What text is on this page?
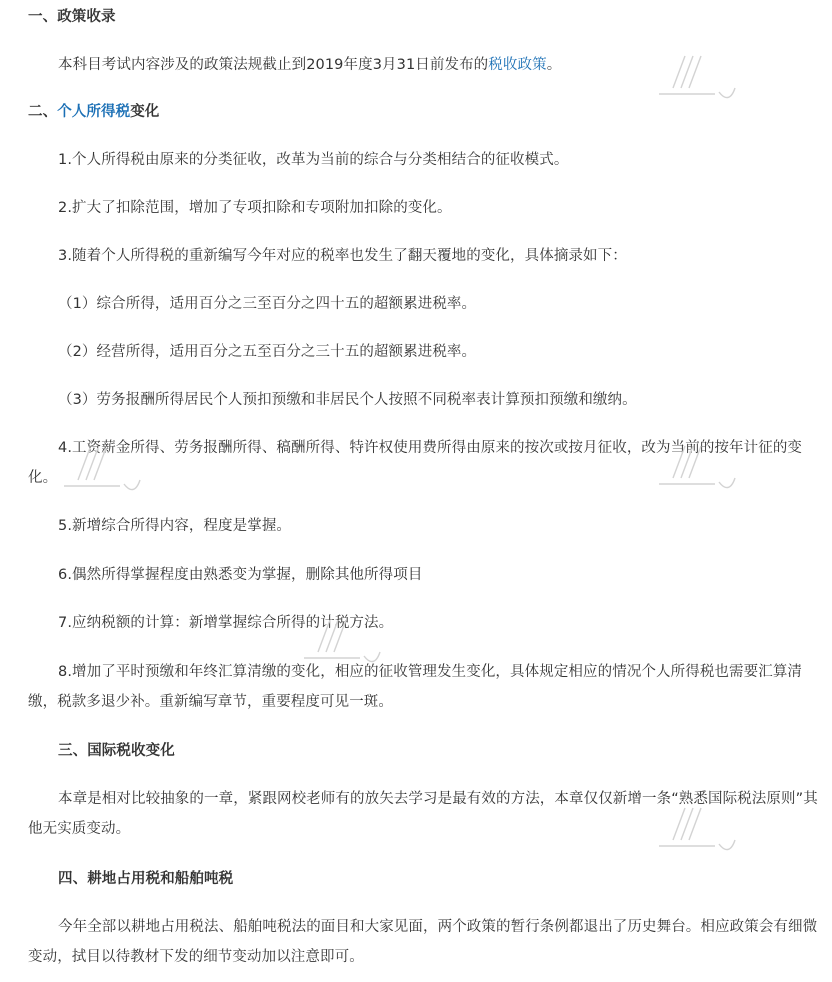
一、政策收录
本科目考试内容涉及的政策法规截止到2019年度3月31日前发布的税收政策。
二、个人所得税变化
1.个人所得税由原来的分类征收，改革为当前的综合与分类相结合的征收模式。
2.扩大了扣除范围，增加了专项扣除和专项附加扣除的变化。
3.随着个人所得税的重新编写今年对应的税率也发生了翻天覆地的变化，具体摘录如下：
（1）综合所得，适用百分之三至百分之四十五的超额累进税率。
（2）经营所得，适用百分之五至百分之三十五的超额累进税率。
（3）劳务报酬所得居民个人预扣预缴和非居民个人按照不同税率表计算预扣预缴和缴纳。
4.工资薪金所得、劳务报酬所得、稿酬所得、特许权使用费所得由原来的按次或按月征收，改为当前的按年计征的变化。
5.新增综合所得内容，程度是掌握。
6.偶然所得掌握程度由熟悉变为掌握，删除其他所得项目
7.应纳税额的计算：新增掌握综合所得的计税方法。
8.增加了平时预缴和年终汇算清缴的变化，相应的征收管理发生变化，具体规定相应的情况个人所得税也需要汇算清缴，税款多退少补。重新编写章节，重要程度可见一斑。
三、国际税收变化
本章是相对比较抽象的一章，紧跟网校老师有的放矢去学习是最有效的方法，本章仅仅新增一条“熟悉国际税法原则”其他无实质变动。
四、耕地占用税和船舶吨税
今年全部以耕地占用税法、船舶吨税法的面目和大家见面，两个政策的暂行条例都退出了历史舞台。相应政策会有细微变动，拭目以待教材下发的细节变动加以注意即可。
